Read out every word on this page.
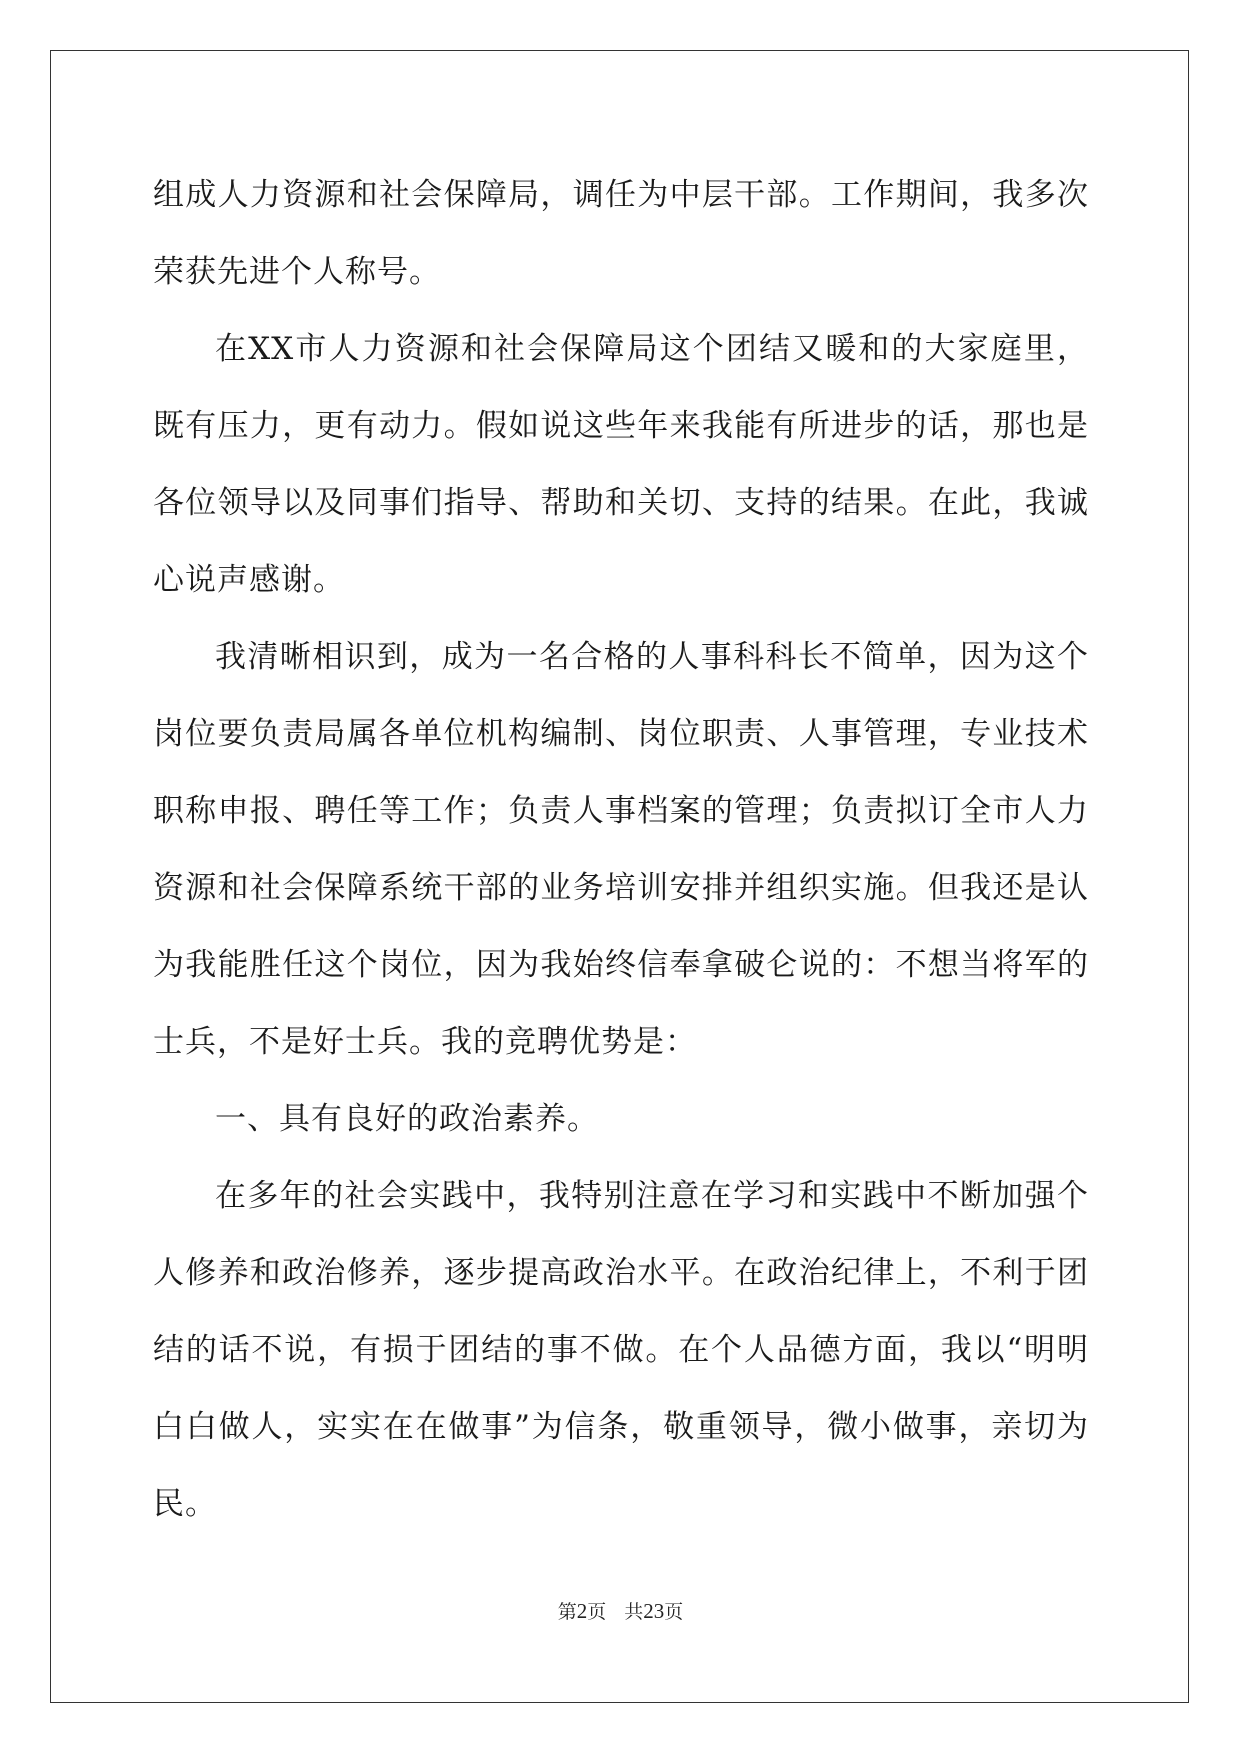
组成人力资源和社会保障局，调任为中层干部。工作期间，我多次荣获先进个人称号。

在XX市人力资源和社会保障局这个团结又暖和的大家庭里，既有压力，更有动力。假如说这些年来我能有所进步的话，那也是各位领导以及同事们指导、帮助和关切、支持的结果。在此，我诚心说声感谢。

我清晰相识到，成为一名合格的人事科科长不简单，因为这个岗位要负责局属各单位机构编制、岗位职责、人事管理，专业技术职称申报、聘任等工作；负责人事档案的管理；负责拟订全市人力资源和社会保障系统干部的业务培训安排并组织实施。但我还是认为我能胜任这个岗位，因为我始终信奉拿破仑说的：不想当将军的士兵，不是好士兵。我的竞聘优势是：

一、具有良好的政治素养。

在多年的社会实践中，我特别注意在学习和实践中不断加强个人修养和政治修养，逐步提高政治水平。在政治纪律上，不利于团结的话不说，有损于团结的事不做。在个人品德方面，我以“明明白白做人，实实在在做事”为信条，敬重领导，微小做事，亲切为民。

第2页 共23页
